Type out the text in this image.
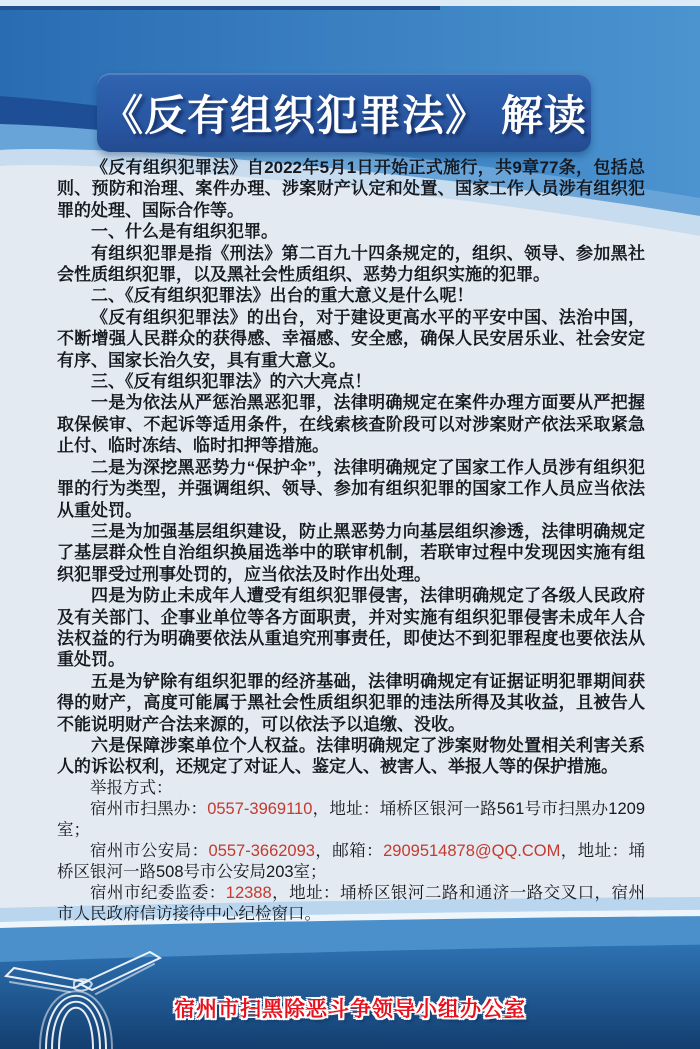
《反有组织犯罪法》 解读

《反有组织犯罪法》自2022年5月1日开始正式施行，共9章77条，包括总则、预防和治理、案件办理、涉案财产认定和处置、国家工作人员涉有组织犯罪的处理、国际合作等。

一、什么是有组织犯罪。

有组织犯罪是指《刑法》第二百九十四条规定的，组织、领导、参加黑社会性质组织犯罪，以及黑社会性质组织、恶势力组织实施的犯罪。

二、《反有组织犯罪法》出台的重大意义是什么呢！

《反有组织犯罪法》的出台，对于建设更高水平的平安中国、法治中国，不断增强人民群众的获得感、幸福感、安全感，确保人民安居乐业、社会安定有序、国家长治久安，具有重大意义。

三、《反有组织犯罪法》的六大亮点！

一是为依法从严惩治黑恶犯罪，法律明确规定在案件办理方面要从严把握取保候审、不起诉等适用条件，在线索核查阶段可以对涉案财产依法采取紧急止付、临时冻结、临时扣押等措施。

二是为深挖黑恶势力“保护伞”，法律明确规定了国家工作人员涉有组织犯罪的行为类型，并强调组织、领导、参加有组织犯罪的国家工作人员应当依法从重处罚。

三是为加强基层组织建设，防止黑恶势力向基层组织渗透，法律明确规定了基层群众性自治组织换届选举中的联审机制，若联审过程中发现因实施有组织犯罪受过刑事处罚的，应当依法及时作出处理。

四是为防止未成年人遭受有组织犯罪侵害，法律明确规定了各级人民政府及有关部门、企事业单位等各方面职责，并对实施有组织犯罪侵害未成年人合法权益的行为明确要依法从重追究刑事责任，即使达不到犯罪程度也要依法从重处罚。

五是为铲除有组织犯罪的经济基础，法律明确规定有证据证明犯罪期间获得的财产，高度可能属于黑社会性质组织犯罪的违法所得及其收益，且被告人不能说明财产合法来源的，可以依法予以追缴、没收。

六是保障涉案单位个人权益。法律明确规定了涉案财物处置相关利害关系人的诉讼权利，还规定了对证人、鉴定人、被害人、举报人等的保护措施。

举报方式：

宿州市扫黑办：0557-3969110，地址：埇桥区银河一路561号市扫黑办1209室；

宿州市公安局：0557-3662093，邮箱：2909514878@QQ.COM，地址：埇桥区银河一路508号市公安局203室；

宿州市纪委监委：12388，地址：埇桥区银河二路和通济一路交叉口，宿州市人民政府信访接待中心纪检窗口。

宿州市扫黑除恶斗争领导小组办公室
